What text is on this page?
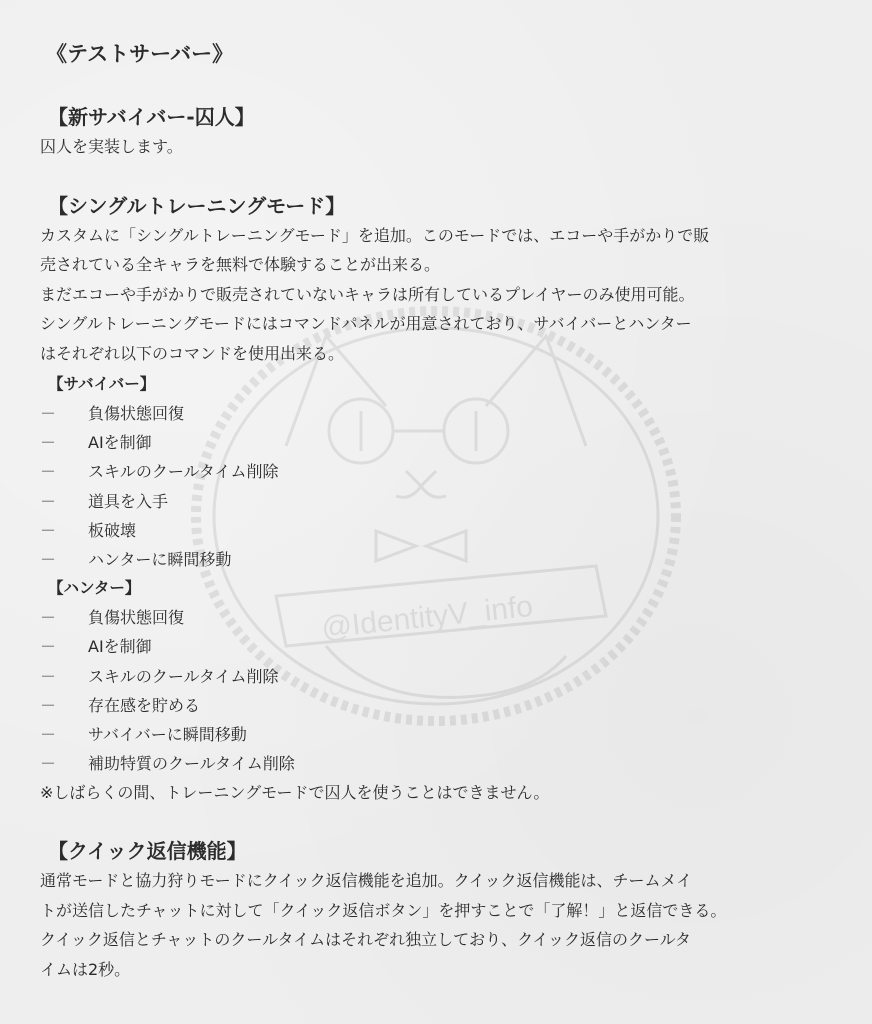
@IdentityV_info
《テストサーバー》
【新サバイバー-囚人】

囚人を実装します。

【シングルトレーニングモード】

カスタムに「シングルトレーニングモード」を追加。このモードでは、エコーや手がかりで販

売されている全キャラを無料で体験することが出来る。

まだエコーや手がかりで販売されていないキャラは所有しているプレイヤーのみ使用可能。

シングルトレーニングモードにはコマンドパネルが用意されており、サバイバーとハンター

はそれぞれ以下のコマンドを使用出来る。

【サバイバー】
－ 負傷状態回復
－ AIを制御
－ スキルのクールタイム削除
－ 道具を入手
－ 板破壊
－ ハンターに瞬間移動
【ハンター】
－ 負傷状態回復
－ AIを制御
－ スキルのクールタイム削除
－ 存在感を貯める
－ サバイバーに瞬間移動
－ 補助特質のクールタイム削除
※しばらくの間、トレーニングモードで囚人を使うことはできません。
【クイック返信機能】

通常モードと協力狩りモードにクイック返信機能を追加。クイック返信機能は、チームメイ

トが送信したチャットに対して「クイック返信ボタン」を押すことで「了解！」と返信できる。

クイック返信とチャットのクールタイムはそれぞれ独立しており、クイック返信のクールタ

イムは2秒。
